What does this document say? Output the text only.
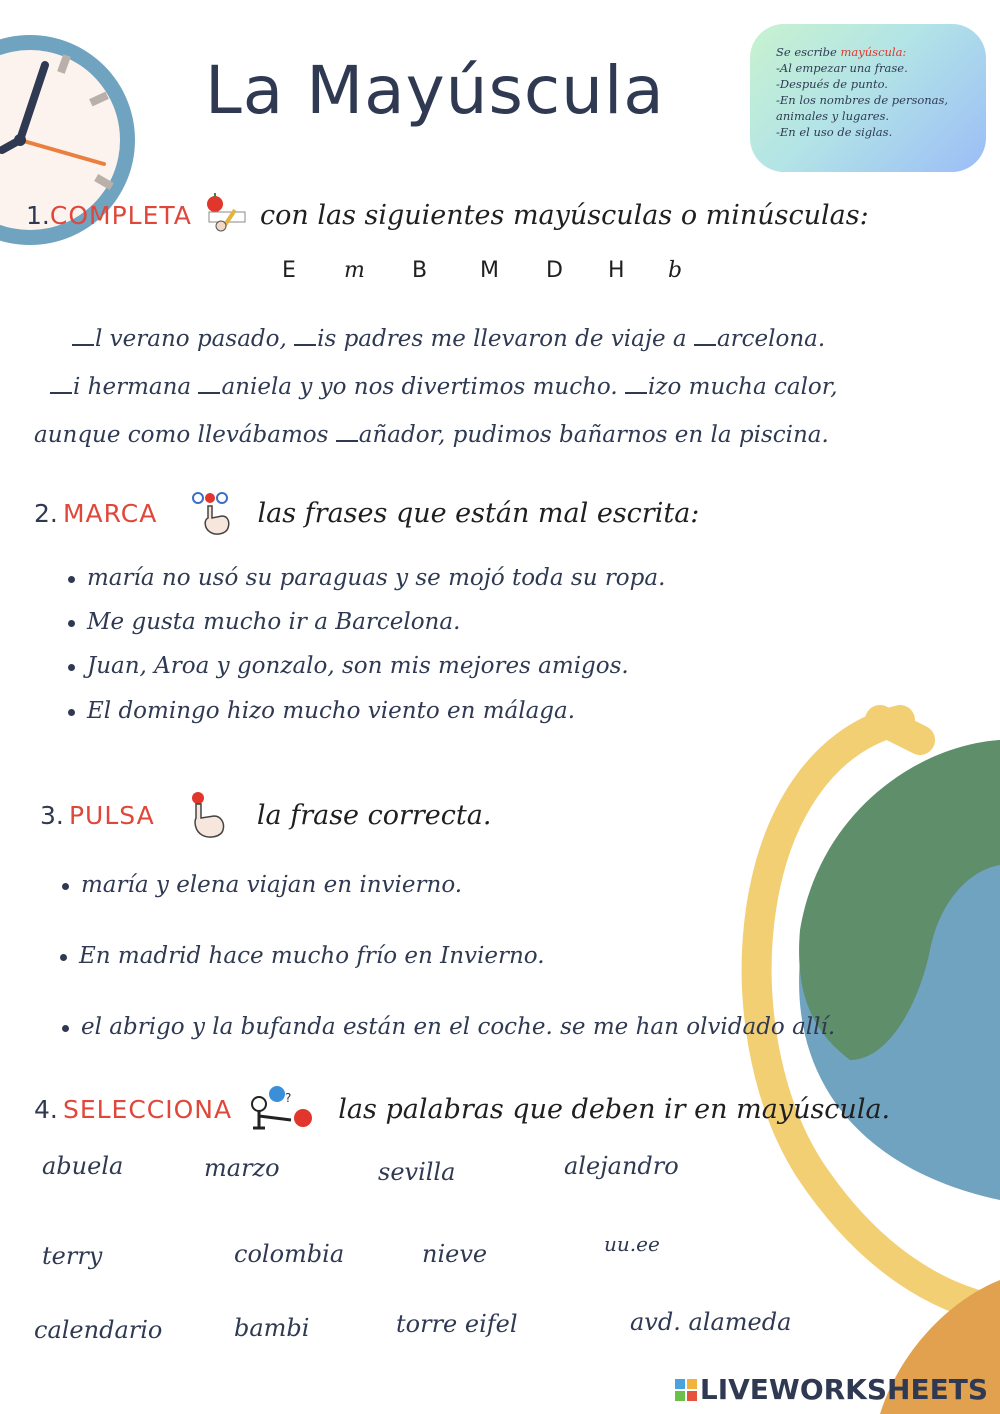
La Mayúscula	Se escribe mayúscula:
-Al empezar una frase.
-Después de punto.
-En los nombres de personas,
animales y lugares.
-En el uso de siglas.
1.COMPLETA	con las siguientes mayúsculas o minúsculas:
E m B M D H b
l verano pasado, is padres me llevaron de viaje a arcelona.
i hermana aniela y yo nos divertimos mucho. izo mucha calor,
aunque como llevábamos añador, pudimos bañarnos en la piscina.
2. MARCA	las frases que están mal escrita:
maría no usó su paraguas y se mojó toda su ropa.
Me gusta mucho ir a Barcelona.
Juan, Aroa y gonzalo, son mis mejores amigos.
El domingo hizo mucho viento en málaga.
3. PULSA	la frase correcta.
maría y elena viajan en invierno.
En madrid hace mucho frío en Invierno.
el abrigo y la bufanda están en el coche. se me han olvidado allí.
4. SELECCIONA	? las palabras que deben ir en mayúscula.
abuela	marzo	sevilla	alejandro
terry	colombia	nieve	uu.ee
calendario	bambi	torre eifel	avd. alameda
LIVEWORKSHEETS
